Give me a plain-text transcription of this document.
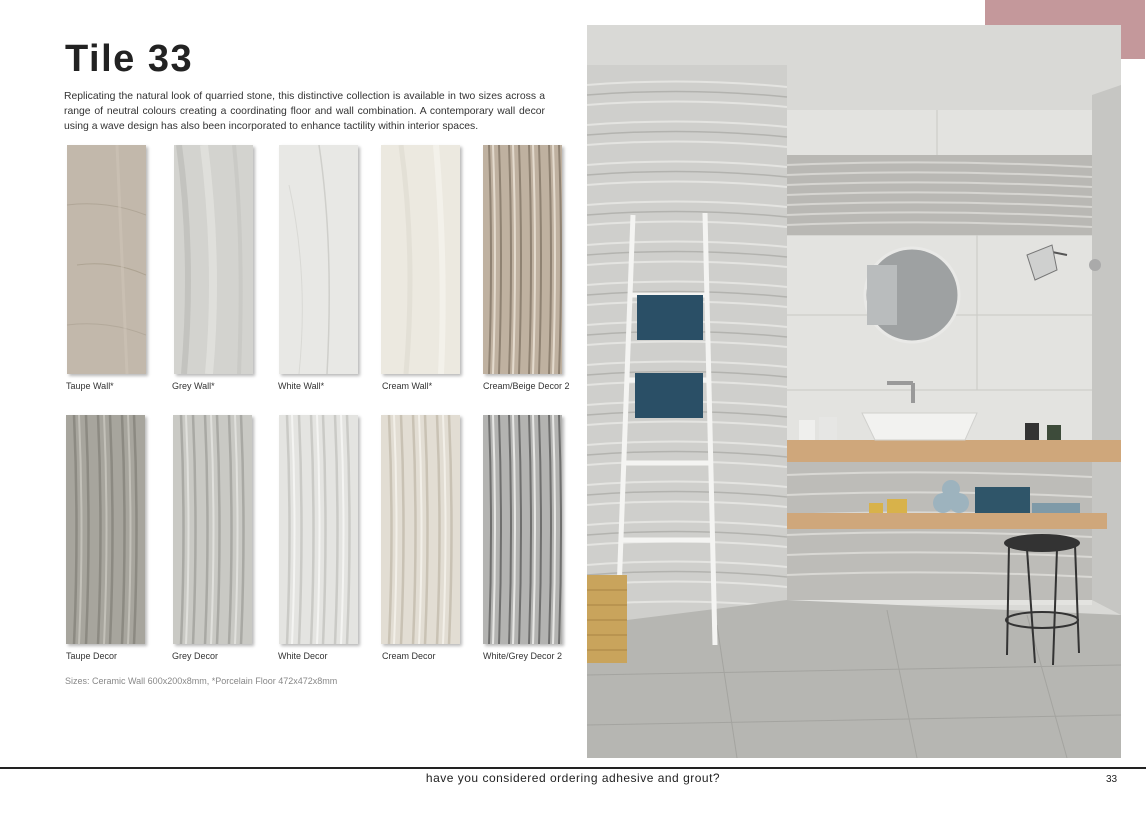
Tile 33
Replicating the natural look of quarried stone, this distinctive collection is available in two sizes across a range of neutral colours creating a coordinating floor and wall combination. A contemporary wall decor using a wave design has also been incorporated to enhance tactility within interior spaces.
Taupe Wall*	Grey Wall*	White Wall*	Cream Wall*	Cream/Beige Decor 2
Taupe Decor	Grey Decor	White Decor	Cream Decor	White/Grey Decor 2
Sizes: Ceramic Wall 600x200x8mm, *Porcelain Floor 472x472x8mm
have you considered ordering adhesive and grout?	33
